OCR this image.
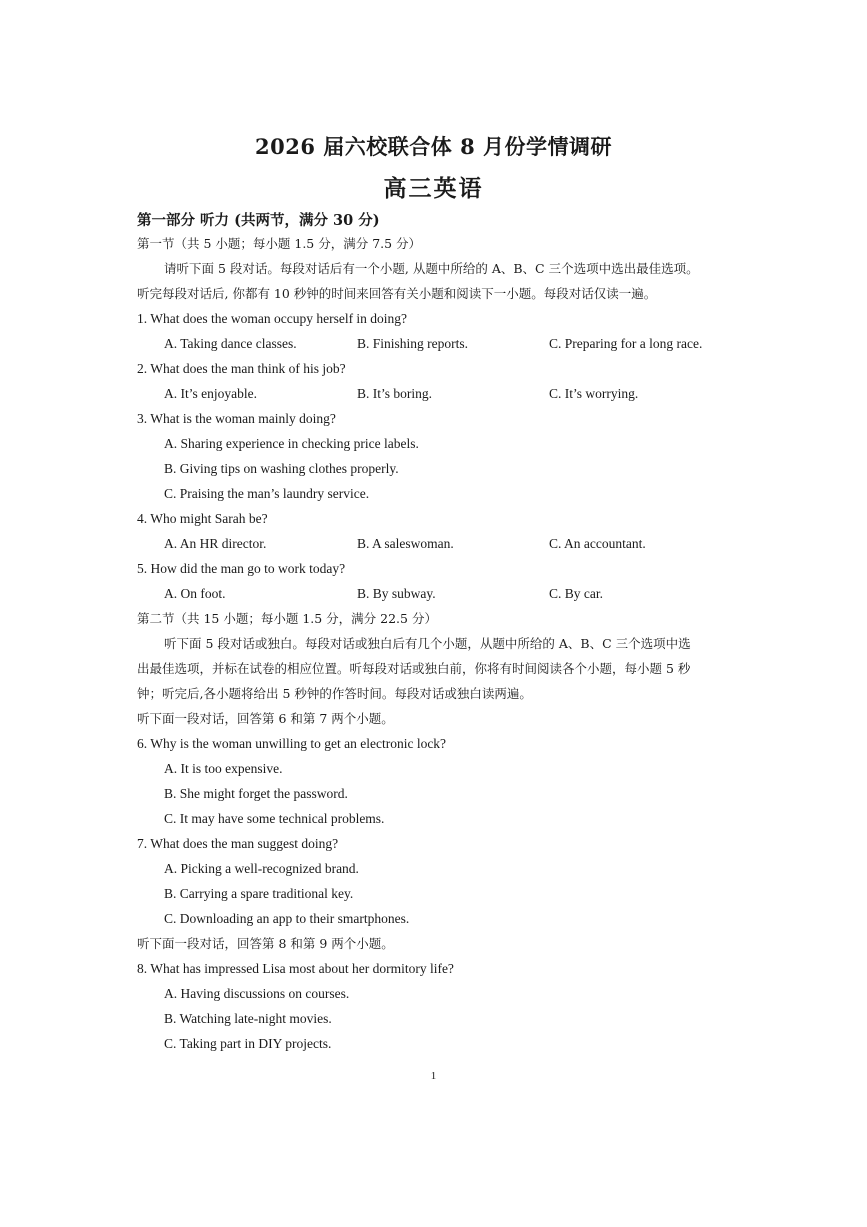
2026 届六校联合体 8 月份学情调研
高三英语
第一部分 听力 (共两节，满分 30 分)
第一节（共 5 小题；每小题 1.5 分，满分 7.5 分）
请听下面 5 段对话。每段对话后有一个小题, 从题中所给的 A、B、C 三个选项中选出最佳选项。
听完每段对话后, 你都有 10 秒钟的时间来回答有关小题和阅读下一小题。每段对话仅读一遍。
1. What does the woman occupy herself in doing?
A. Taking dance classes.	B. Finishing reports.	C. Preparing for a long race.
2. What does the man think of his job?
A. It’s enjoyable.	B. It’s boring.	C. It’s worrying.
3. What is the woman mainly doing?
A. Sharing experience in checking price labels.
B. Giving tips on washing clothes properly.
C. Praising the man’s laundry service.
4. Who might Sarah be?
A. An HR director.	B. A saleswoman.	C. An accountant.
5. How did the man go to work today?
A. On foot.	B. By subway.	C. By car.
第二节（共 15 小题；每小题 1.5 分，满分 22.5 分）
听下面 5 段对话或独白。每段对话或独白后有几个小题，从题中所给的 A、B、C 三个选项中选
出最佳选项，并标在试卷的相应位置。听每段对话或独白前，你将有时间阅读各个小题，每小题 5 秒
钟；听完后,各小题将给出 5 秒钟的作答时间。每段对话或独白读两遍。
听下面一段对话，回答第 6 和第 7 两个小题。
6. Why is the woman unwilling to get an electronic lock?
A. It is too expensive.
B. She might forget the password.
C. It may have some technical problems.
7. What does the man suggest doing?
A. Picking a well-recognized brand.
B. Carrying a spare traditional key.
C. Downloading an app to their smartphones.
听下面一段对话，回答第 8 和第 9 两个小题。
8. What has impressed Lisa most about her dormitory life?
A. Having discussions on courses.
B. Watching late-night movies.
C. Taking part in DIY projects.
1
